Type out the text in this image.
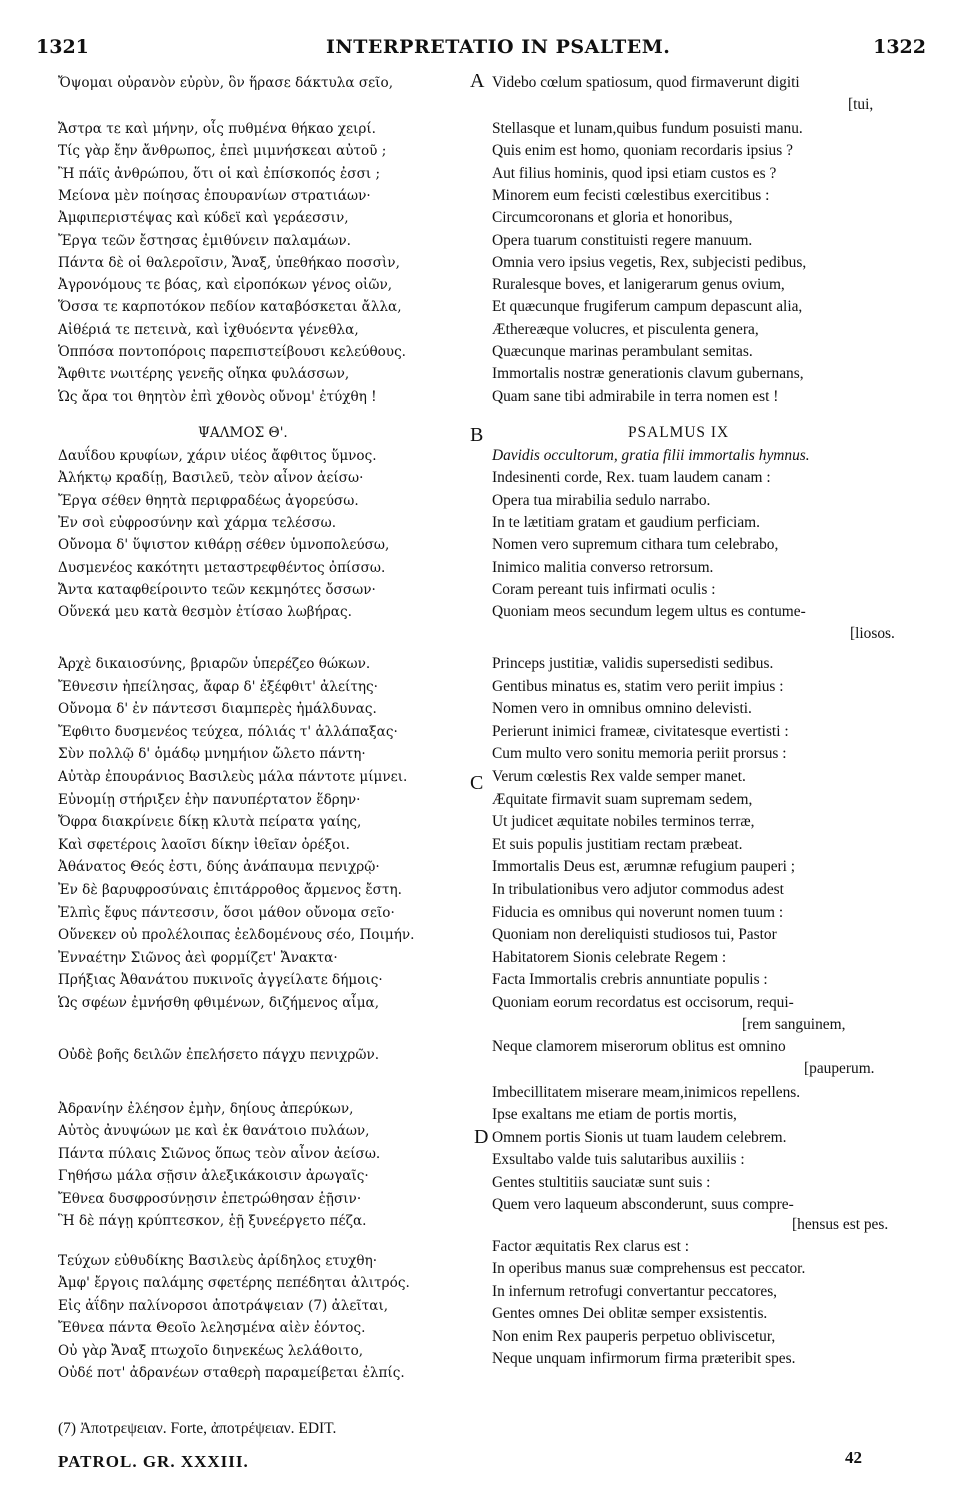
1321	INTERPRETATIO IN PSALTEM.	1322
Ὄψομαι οὐρανὸν εὐρὺν, ὃν ἥρασε δάκτυλα σεῖο,
Ἄστρα τε καὶ μήνην, οἷς πυθμένα θήκαο χειρί.
Τίς γὰρ ἔην ἄνθρωπος, ἐπεὶ μιμνήσκεαι αὐτοῦ ;
Ἢ πάϊς ἀνθρώπου, ὅτι οἱ καὶ ἐπίσκοπός ἐσσι ;
Μείονα μὲν ποίησας ἐπουρανίων στρατιάων·
Ἀμφιπεριστέψας καὶ κύδεϊ καὶ γεράεσσιν,
Ἔργα τεῶν ἔστησας ἐμιθύνειν παλαμάων.
Πάντα δὲ οἱ θαλεροῖσιν, Ἄναξ, ὑπεθήκαο ποσσὶν,
Ἀγρονόμους τε βόας, καὶ εἰροπόκων γένος οἰῶν,
Ὅσσα τε καρποτόκον πεδίον καταβόσκεται ἄλλα,
Αἰθέριά τε πετεινὰ, καὶ ἰχθυόεντα γένεθλα,
Ὁππόσα ποντοπόροις παρεπιστείβουσι κελεύθους.
Ἄφθιτε νωιτέρης γενεῆς οἴηκα φυλάσσων,
Ὡς ἄρα τοι θηητὸν ἐπὶ χθονὸς οὔνομ' ἐτύχθη !
ΨΑΛΜΟΣ Θ'.
Δαυΐδου κρυφίων, χάριν υἱέος ἄφθιτος ὕμνος.
Ἀλήκτῳ κραδίῃ, Βασιλεῦ, τεὸν αἶνον ἀείσω·
Ἔργα σέθεν θηητὰ περιφραδέως ἀγορεύσω.
Ἐν σοὶ εὐφροσύνην καὶ χάρμα τελέσσω.
Οὔνομα δ' ὕψιστον κιθάρῃ σέθεν ὑμνοπολεύσω,
Δυσμενέος κακότητι μεταστρεφθέντος ὀπίσσω.
Ἄντα καταφθείροιντο τεῶν κεκμηότες ὄσσων·
Οὕνεκά μευ κατὰ θεσμὸν ἐτίσαο λωβήρας.
Ἀρχὲ δικαιοσύνης, βριαρῶν ὑπερέζεο θώκων.
Ἔθνεσιν ἠπείλησας, ἄφαρ δ' ἐξέφθιτ' ἀλείτης·
Οὔνομα δ' ἐν πάντεσσι διαμπερὲς ἠμάλδυνας.
Ἔφθιτο δυσμενέος τεύχεα, πόλιάς τ' ἀλλάπαξας·
Σὺν πολλῷ δ' ὁμάδῳ μνημήιον ὤλετο πάντη·
Αὐτὰρ ἐπουράνιος Βασιλεὺς μάλα πάντοτε μίμνει.
Εὐνομίῃ στήριξεν ἑὴν πανυπέρτατον ἕδρην·
Ὄφρα διακρίνειε δίκῃ κλυτὰ πείρατα γαίης,
Καὶ σφετέροις λαοῖσι δίκην ἰθεῖαν ὀρέξοι.
Ἀθάνατος Θεός ἐστι, δύης ἀνάπαυμα πενιχρῷ·
Ἐν δὲ βαρυφροσύναις ἐπιτάρροθος ἄρμενος ἔστη.
Ἐλπὶς ἔφυς πάντεσσιν, ὅσοι μάθον οὔνομα σεῖο·
Οὕνεκεν οὐ προλέλοιπας ἐελδομένους σέο, Ποιμήν.
Ἐνναέτην Σιῶνος ἀεὶ φορμίζετ' Ἄνακτα·
Πρήξιας Ἀθανάτου πυκινοῖς ἀγγείλατε δήμοις·
Ὡς σφέων ἐμνήσθη φθιμένων, διζήμενος αἷμα,
Οὐδὲ βοῆς δειλῶν ἐπελήσετο πάγχυ πενιχρῶν.
Ἀδρανίην ἐλέησον ἐμὴν, δηίους ἀπερύκων,
Αὐτὸς ἀνυψώων με καὶ ἐκ θανάτοιο πυλάων,
Πάντα πύλαις Σιῶνος ὅπως τεὸν αἶνον ἀείσω.
Γηθήσω μάλα σῇσιν ἀλεξικάκοισιν ἀρωγαῖς·
Ἔθνεα δυσφροσύνῃσιν ἐπετρώθησαν ἑῇσιν·
Ἣ δὲ πάγῃ κρύπτεσκον, ἑῇ ξυνεέργετο πέζα.
Τεύχων εὐθυδίκης Βασιλεὺς ἀρίδηλος ετυχθη·
Ἀμφ' ἔργοις παλάμης σφετέρης πεπέδηται ἀλιτρός.
Εἰς ἀΐδην παλίνορσοι ἀποτράψειαν (7) ἀλεῖται,
Ἔθνεα πάντα Θεοῖο λελησμένα αἰὲν ἐόντος.
Οὐ γὰρ Ἄναξ πτωχοῖο διηνεκέως λελάθοιτο,
Οὐδέ ποτ' ἀδρανέων σταθερὴ παραμείβεται ἐλπίς.
Videbo cœlum spatiosum, quod firmaverunt digiti
[tui,
Stellasque et lunam,quibus fundum posuisti manu.
Quis enim est homo, quoniam recordaris ipsius ?
Aut filius hominis, quod ipsi etiam custos es ?
Minorem eum fecisti cœlestibus exercitibus :
Circumcoronans et gloria et honoribus,
Opera tuarum constituisti regere manuum.
Omnia vero ipsius vegetis, Rex, subjecisti pedibus,
Ruralesque boves, et lanigerarum genus ovium,
Et quæcunque frugiferum campum depascunt alia,
Æthereæque volucres, et pisculenta genera,
Quæcunque marinas perambulant semitas.
Immortalis nostræ generationis clavum gubernans,
Quam sane tibi admirabile in terra nomen est !
PSALMUS IX
Davidis occultorum, gratia filii immortalis hymnus.
Indesinenti corde, Rex. tuam laudem canam :
Opera tua mirabilia sedulo narrabo.
In te lætitiam gratam et gaudium perficiam.
Nomen vero supremum cithara tum celebrabo,
Inimico malitia converso retrorsum.
Coram pereant tuis infirmati oculis :
Quoniam meos secundum legem ultus es contume-
[liosos.
Princeps justitiæ, validis supersedisti sedibus.
Gentibus minatus es, statim vero periit impius :
Nomen vero in omnibus omnino delevisti.
Perierunt inimici frameæ, civitatesque evertisti :
Cum multo vero sonitu memoria periit prorsus :
Verum cœlestis Rex valde semper manet.
Æquitate firmavit suam supremam sedem,
Ut judicet æquitate nobiles terminos terræ,
Et suis populis justitiam rectam præbeat.
Immortalis Deus est, ærumnæ refugium pauperi ;
In tribulationibus vero adjutor commodus adest
Fiducia es omnibus qui noverunt nomen tuum :
Quoniam non dereliquisti studiosos tui, Pastor
Habitatorem Sionis celebrate Regem :
Facta Immortalis crebris annuntiate populis :
Quoniam eorum recordatus est occisorum, requi-
[rem sanguinem,
Neque clamorem miserorum oblitus est omnino
[pauperum.
Imbecillitatem miserare meam,inimicos repellens.
Ipse exaltans me etiam de portis mortis,
Omnem portis Sionis ut tuam laudem celebrem.
Exsultabo valde tuis salutaribus auxiliis :
Gentes stultitiis sauciatæ sunt suis :
Quem vero laqueum absconderunt, suus compre-
[hensus est pes.
Factor æquitatis Rex clarus est :
In operibus manus suæ comprehensus est peccator.
In infernum retrofugi convertantur peccatores,
Gentes omnes Dei oblitæ semper exsistentis.
Non enim Rex pauperis perpetuo obliviscetur,
Neque unquam infirmorum firma præteribit spes.
A
B
C
D
(7) Ἀποτρεψειαν. Forte, ἀποτρέψειαν. EDIT.
PATROL. GR. XXXIII.	42
